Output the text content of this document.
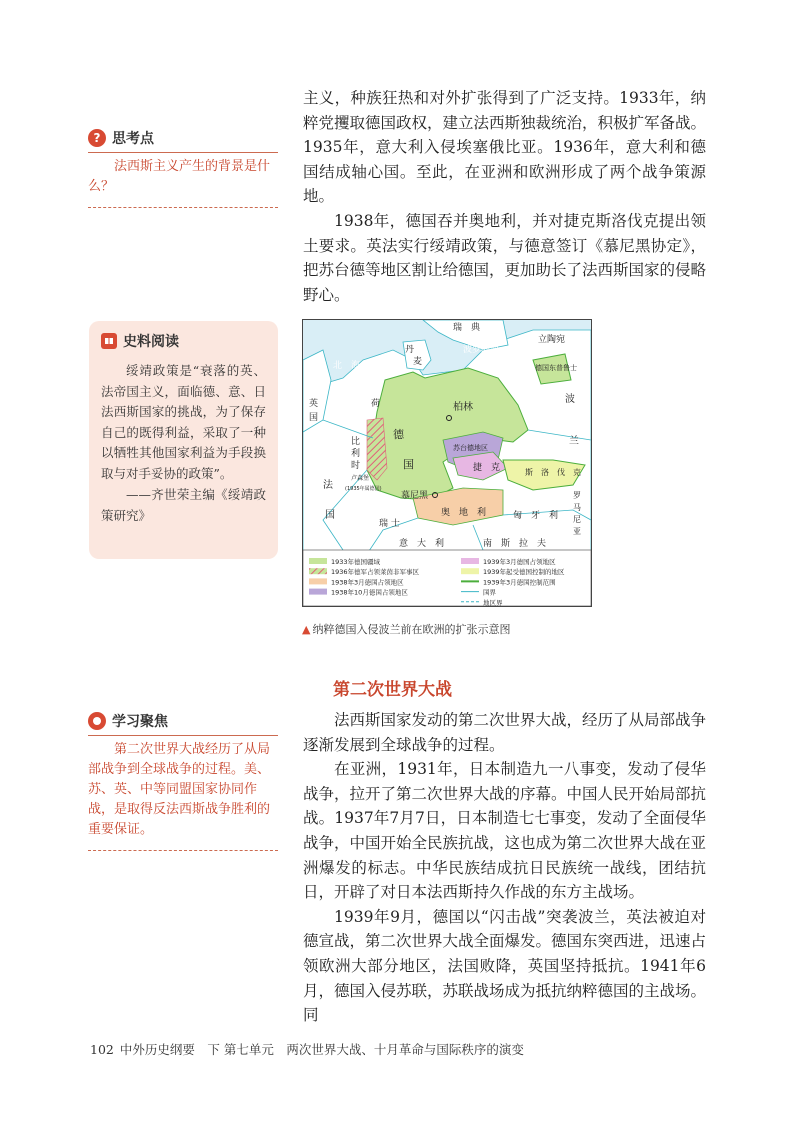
主义，种族狂热和对外扩张得到了广泛支持。1933年，纳粹党攫取德国政权，建立法西斯独裁统治，积极扩军备战。1935年，意大利入侵埃塞俄比亚。1936年，意大利和德国结成轴心国。至此，在亚洲和欧洲形成了两个战争策源地。

1938年，德国吞并奥地利，并对捷克斯洛伐克提出领土要求。英法实行绥靖政策，与德意签订《慕尼黑协定》，把苏台德等地区割让给德国，更加助长了法西斯国家的侵略野心。

? 思考点
法西斯主义产生的背景是什么？
史料阅读
绥靖政策是“衰落的英、法帝国主义，面临德、意、日法西斯国家的挑战，为了保存自己的既得利益，采取了一种以牺牲其他国家利益为手段换取与对手妥协的政策”。
——齐世荣主编《绥靖政策研究》
瑞　典
北　海
丹
麦
波罗的海
立陶宛
德国东普鲁士
英
国
荷	柏林
德
国
波
兰
比
利
时
苏台德地区
捷　克	斯　洛　伐　克
卢森堡
(1935年属德国)
慕尼黑
法
国	奥　地　利	匈　牙　利
罗
马
尼
亚
瑞 士
意　大　利	南　斯　拉　夫
1933年德国疆域
1936年德军占领莱茵非军事区
1938年3月德国占领地区
1938年10月德国占领地区
1939年3月德国占领地区
1939年起受德国控制的地区
1939年3月德国控制范围
国界
地区界
▲ 纳粹德国入侵波兰前在欧洲的扩张示意图
第二次世界大战
学习聚焦
第二次世界大战经历了从局部战争到全球战争的过程。美、苏、英、中等同盟国家协同作战，是取得反法西斯战争胜利的重要保证。

法西斯国家发动的第二次世界大战，经历了从局部战争逐渐发展到全球战争的过程。

在亚洲，1931年，日本制造九一八事变，发动了侵华战争，拉开了第二次世界大战的序幕。中国人民开始局部抗战。1937年7月7日，日本制造七七事变，发动了全面侵华战争，中国开始全民族抗战，这也成为第二次世界大战在亚洲爆发的标志。中华民族结成抗日民族统一战线，团结抗日，开辟了对日本法西斯持久作战的东方主战场。

1939年9月，德国以“闪击战”突袭波兰，英法被迫对德宣战，第二次世界大战全面爆发。德国东突西进，迅速占领欧洲大部分地区，法国败降，英国坚持抵抗。1941年6月，德国入侵苏联，苏联战场成为抵抗纳粹德国的主战场。同

102 中外历史纲要　下 第七单元　两次世界大战、十月革命与国际秩序的演变
